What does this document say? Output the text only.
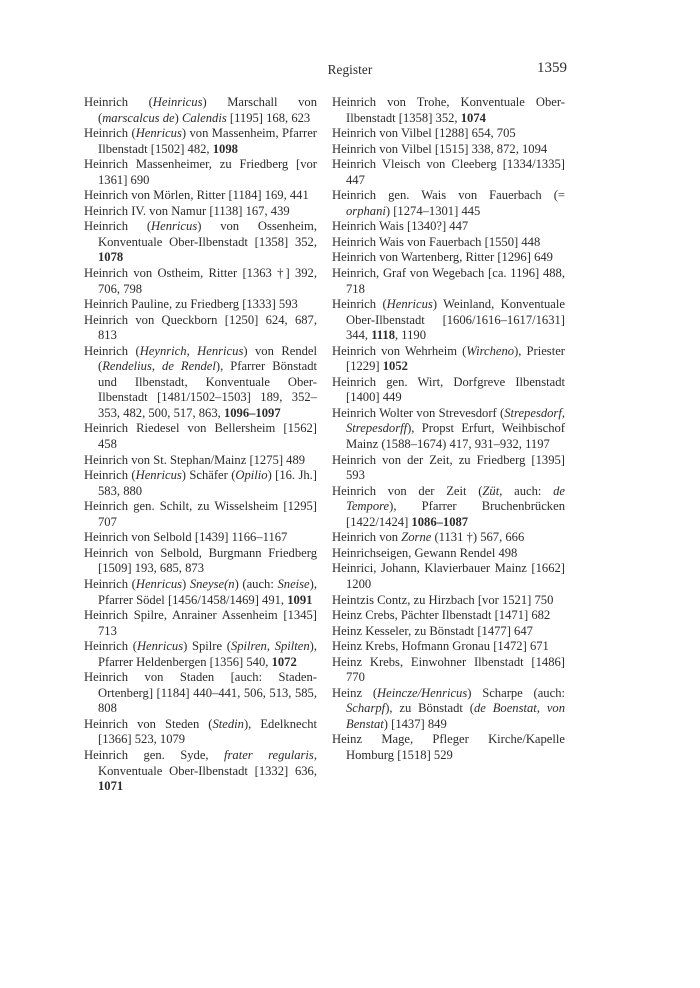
Register	1359

Heinrich (Heinricus) Marschall von (marscalcus de) Calendis [1195] 168, 623

Heinrich (Henricus) von Massenheim, Pfarrer Ilbenstadt [1502] 482, 1098

Heinrich Massenheimer, zu Friedberg [vor 1361] 690

Heinrich von Mörlen, Ritter [1184] 169, 441

Heinrich IV. von Namur [1138] 167, 439

Heinrich (Henricus) von Ossenheim, Konventuale Ober-Ilbenstadt [1358] 352, 1078

Heinrich von Ostheim, Ritter [1363 †] 392, 706, 798

Heinrich Pauline, zu Friedberg [1333] 593

Heinrich von Queckborn [1250] 624, 687, 813

Heinrich (Heynrich, Henricus) von Rendel (Rendelius, de Rendel), Pfarrer Bönstadt und Ilbenstadt, Konventuale Ober-Ilbenstadt [1481/1502–1503] 189, 352–353, 482, 500, 517, 863, 1096–1097

Heinrich Riedesel von Bellersheim [1562] 458

Heinrich von St. Stephan/Mainz [1275] 489

Heinrich (Henricus) Schäfer (Opilio) [16. Jh.] 583, 880

Heinrich gen. Schilt, zu Wisselsheim [1295] 707

Heinrich von Selbold [1439] 1166–1167

Heinrich von Selbold, Burgmann Friedberg [1509] 193, 685, 873

Heinrich (Henricus) Sneyse(n) (auch: Sneise), Pfarrer Södel [1456/1458/1469] 491, 1091

Heinrich Spilre, Anrainer Assenheim [1345] 713

Heinrich (Henricus) Spilre (Spilren, Spilten), Pfarrer Heldenbergen [1356] 540, 1072

Heinrich von Staden [auch: Staden-Ortenberg] [1184] 440–441, 506, 513, 585, 808

Heinrich von Steden (Stedin), Edelknecht [1366] 523, 1079

Heinrich gen. Syde, frater regularis, Konventuale Ober-Ilbenstadt [1332] 636, 1071

Heinrich von Trohe, Konventuale Ober-Ilbenstadt [1358] 352, 1074

Heinrich von Vilbel [1288] 654, 705

Heinrich von Vilbel [1515] 338, 872, 1094

Heinrich Vleisch von Cleeberg [1334/1335] 447

Heinrich gen. Wais von Fauerbach (= orphani) [1274–1301] 445

Heinrich Wais [1340?] 447

Heinrich Wais von Fauerbach [1550] 448

Heinrich von Wartenberg, Ritter [1296] 649

Heinrich, Graf von Wegebach [ca. 1196] 488, 718

Heinrich (Henricus) Weinland, Konventuale Ober-Ilbenstadt [1606/1616–1617/1631] 344, 1118, 1190

Heinrich von Wehrheim (Wircheno), Priester [1229] 1052

Heinrich gen. Wirt, Dorfgreve Ilbenstadt [1400] 449

Heinrich Wolter von Strevesdorf (Strepesdorf, Strepesdorff), Propst Erfurt, Weihbischof Mainz (1588–1674) 417, 931–932, 1197

Heinrich von der Zeit, zu Friedberg [1395] 593

Heinrich von der Zeit (Züt, auch: de Tempore), Pfarrer Bruchenbrücken [1422/1424] 1086–1087

Heinrich von Zorne (1131 †) 567, 666

Heinrichseigen, Gewann Rendel 498

Heinrici, Johann, Klavierbauer Mainz [1662] 1200

Heintzis Contz, zu Hirzbach [vor 1521] 750

Heinz Crebs, Pächter Ilbenstadt [1471] 682

Heinz Kesseler, zu Bönstadt [1477] 647

Heinz Krebs, Hofmann Gronau [1472] 671

Heinz Krebs, Einwohner Ilbenstadt [1486] 770

Heinz (Heincze/Henricus) Scharpe (auch: Scharpf), zu Bönstadt (de Boenstat, von Benstat) [1437] 849

Heinz Mage, Pfleger Kirche/Kapelle Homburg [1518] 529
